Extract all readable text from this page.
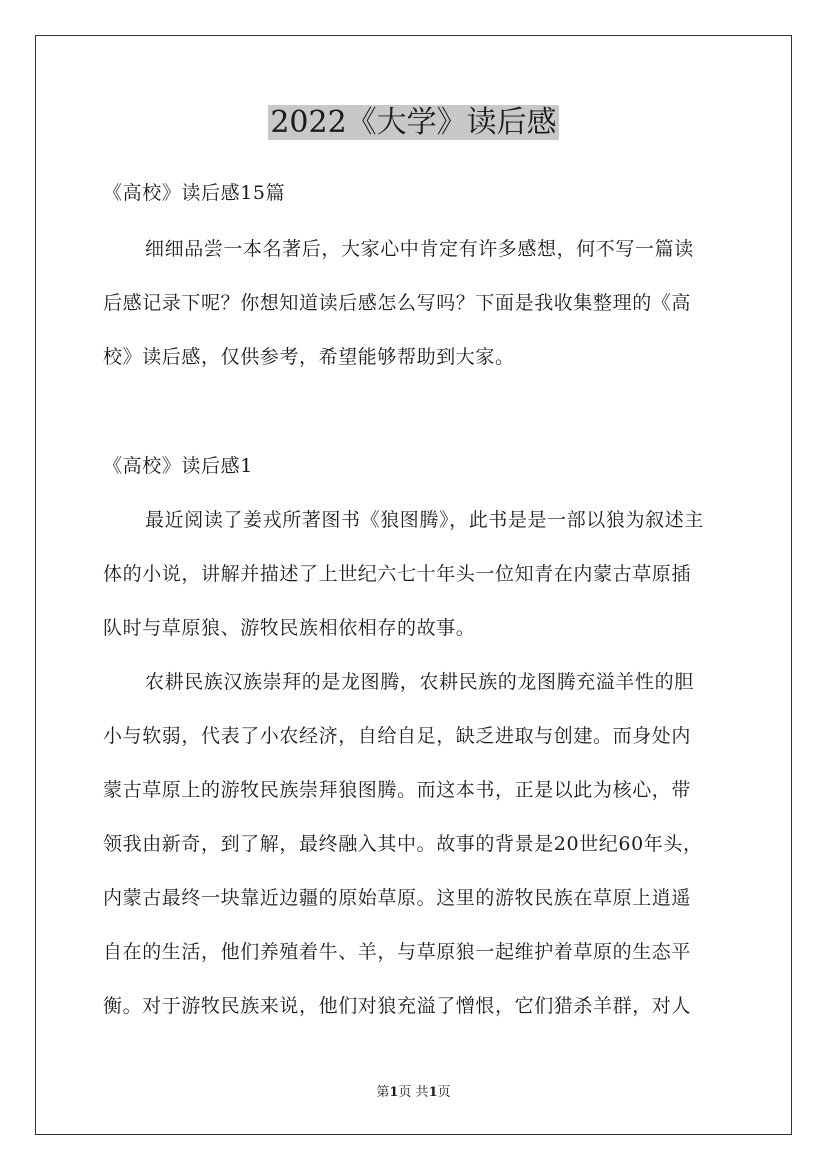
2022《大学》读后感
《高校》读后感15篇
细细品尝一本名著后，大家心中肯定有许多感想，何不写一篇读
后感记录下呢？你想知道读后感怎么写吗？下面是我收集整理的《高
校》读后感，仅供参考，希望能够帮助到大家。
《高校》读后感1
最近阅读了姜戎所著图书《狼图腾》，此书是是一部以狼为叙述主
体的小说，讲解并描述了上世纪六七十年头一位知青在内蒙古草原插
队时与草原狼、游牧民族相依相存的故事。
农耕民族汉族崇拜的是龙图腾，农耕民族的龙图腾充溢羊性的胆
小与软弱，代表了小农经济，自给自足，缺乏进取与创建。而身处内
蒙古草原上的游牧民族崇拜狼图腾。而这本书，正是以此为核心，带
领我由新奇，到了解，最终融入其中。故事的背景是20世纪60年头，
内蒙古最终一块靠近边疆的原始草原。这里的游牧民族在草原上逍遥
自在的生活，他们养殖着牛、羊，与草原狼一起维护着草原的生态平
衡。对于游牧民族来说，他们对狼充溢了憎恨，它们猎杀羊群，对人
第1页 共1页
